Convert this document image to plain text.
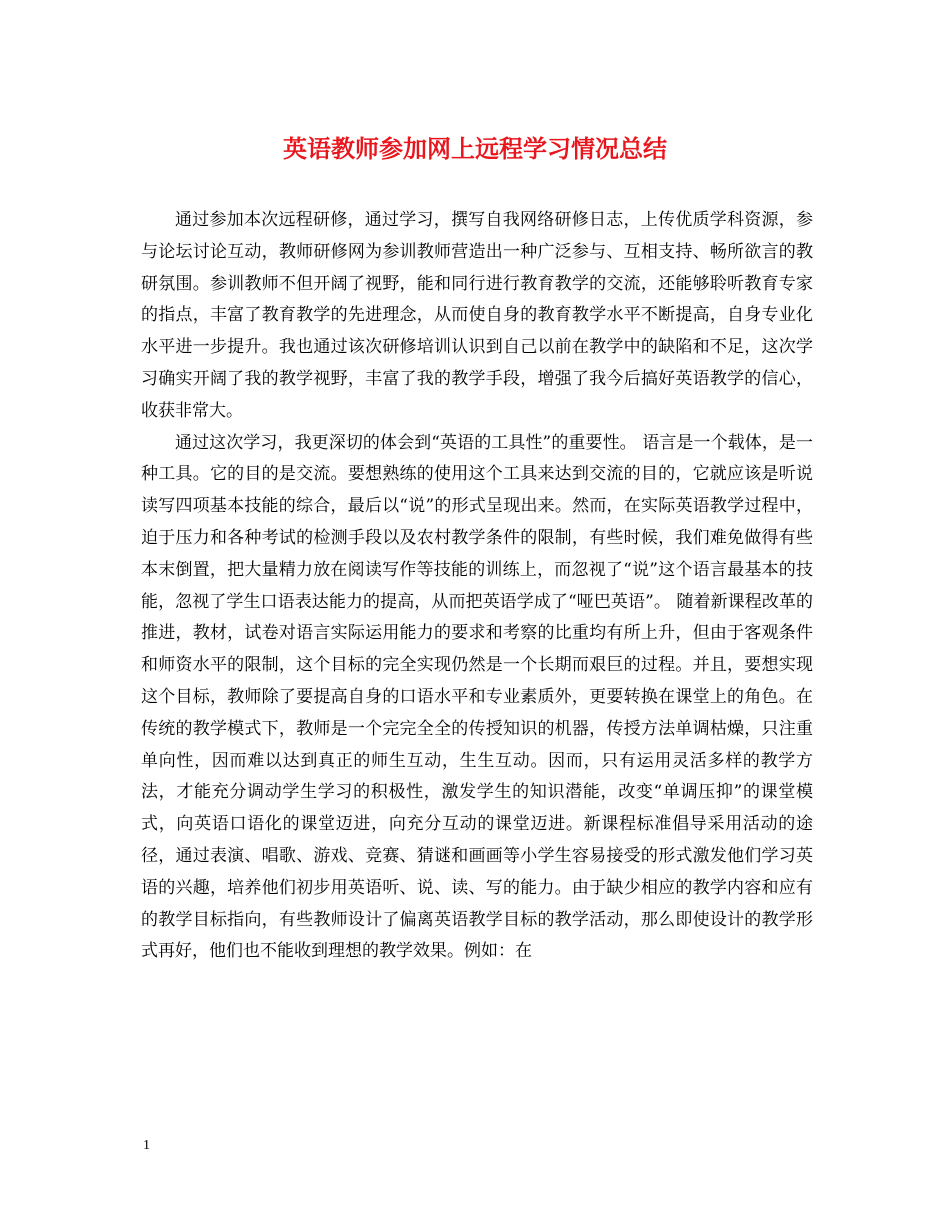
英语教师参加网上远程学习情况总结

通过参加本次远程研修，通过学习，撰写自我网络研修日志，上传优质学科资源，参与论坛讨论互动，教师研修网为参训教师营造出一种广泛参与、互相支持、畅所欲言的教研氛围。参训教师不但开阔了视野，能和同行进行教育教学的交流，还能够聆听教育专家的指点，丰富了教育教学的先进理念，从而使自身的教育教学水平不断提高，自身专业化水平进一步提升。我也通过该次研修培训认识到自己以前在教学中的缺陷和不足，这次学习确实开阔了我的教学视野，丰富了我的教学手段，增强了我今后搞好英语教学的信心，收获非常大。

通过这次学习，我更深切的体会到“英语的工具性”的重要性。 语言是一个载体，是一种工具。它的目的是交流。要想熟练的使用这个工具来达到交流的目的，它就应该是听说读写四项基本技能的综合，最后以“说”的形式呈现出来。然而，在实际英语教学过程中，迫于压力和各种考试的检测手段以及农村教学条件的限制，有些时候，我们难免做得有些本末倒置，把大量精力放在阅读写作等技能的训练上，而忽视了“说”这个语言最基本的技能，忽视了学生口语表达能力的提高，从而把英语学成了“哑巴英语”。 随着新课程改革的推进，教材，试卷对语言实际运用能力的要求和考察的比重均有所上升，但由于客观条件和师资水平的限制，这个目标的完全实现仍然是一个长期而艰巨的过程。并且，要想实现这个目标，教师除了要提高自身的口语水平和专业素质外，更要转换在课堂上的角色。在传统的教学模式下，教师是一个完完全全的传授知识的机器，传授方法单调枯燥，只注重单向性，因而难以达到真正的师生互动，生生互动。因而，只有运用灵活多样的教学方法，才能充分调动学生学习的积极性，激发学生的知识潜能，改变“单调压抑”的课堂模式，向英语口语化的课堂迈进，向充分互动的课堂迈进。新课程标准倡导采用活动的途径，通过表演、唱歌、游戏、竞赛、猜谜和画画等小学生容易接受的形式激发他们学习英语的兴趣，培养他们初步用英语听、说、读、写的能力。由于缺少相应的教学内容和应有的教学目标指向，有些教师设计了偏离英语教学目标的教学活动，那么即使设计的教学形式再好，他们也不能收到理想的教学效果。例如：在

1
